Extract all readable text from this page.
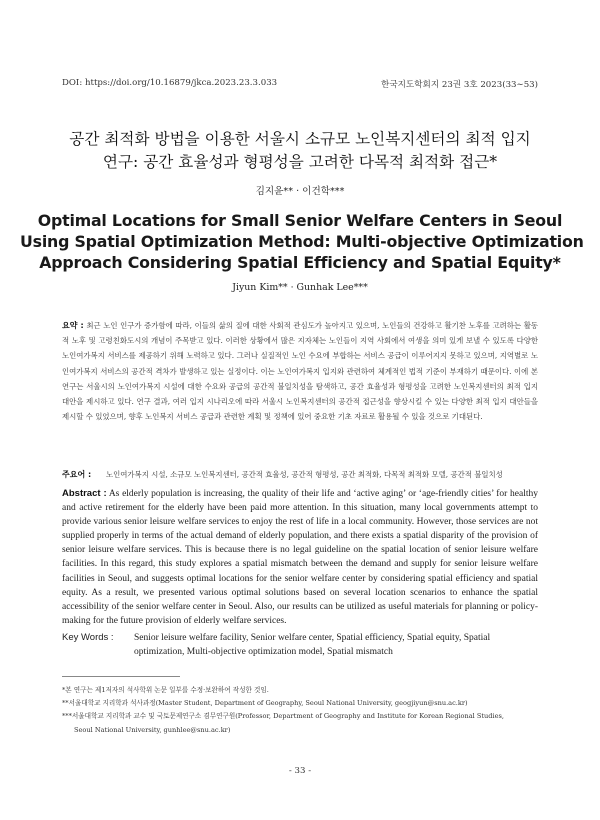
DOI: https://doi.org/10.16879/jkca.2023.23.3.033	한국지도학회지 23권 3호 2023(33∼53)
공간 최적화 방법을 이용한 서울시 소규모 노인복지센터의 최적 입지
연구: 공간 효율성과 형평성을 고려한 다목적 최적화 접근*
김지윤** · 이건학***
Optimal Locations for Small Senior Welfare Centers in Seoul
Using Spatial Optimization Method: Multi-objective Optimization
Approach Considering Spatial Efficiency and Spatial Equity*
Jiyun Kim** · Gunhak Lee***
요약 : 최근 노인 인구가 증가함에 따라, 이들의 삶의 질에 대한 사회적 관심도가 높아지고 있으며, 노인들의 건강하고 활기찬 노후를 고려하는 활동적 노후 및 고령친화도시의 개념이 주목받고 있다. 이러한 상황에서 많은 지자체는 노인들이 지역 사회에서 여생을 의미 있게 보낼 수 있도록 다양한 노인여가복지 서비스를 제공하기 위해 노력하고 있다. 그러나 실질적인 노인 수요에 부합하는 서비스 공급이 이루어지지 못하고 있으며, 지역별로 노인여가복지 서비스의 공간적 격차가 발생하고 있는 실정이다. 이는 노인여가복지 입지와 관련하여 체계적인 법적 기준이 부재하기 때문이다. 이에 본 연구는 서울시의 노인여가복지 시설에 대한 수요와 공급의 공간적 불일치성을 탐색하고, 공간 효율성과 형평성을 고려한 노인복지센터의 최적 입지 대안을 제시하고 있다. 연구 결과, 여러 입지 시나리오에 따라 서울시 노인복지센터의 공간적 접근성을 향상시킬 수 있는 다양한 최적 입지 대안들을 제시할 수 있었으며, 향후 노인복지 서비스 공급과 관련한 계획 및 정책에 있어 중요한 기초 자료로 활용될 수 있을 것으로 기대된다.
주요어 : 노인여가복지 시설, 소규모 노인복지센터, 공간적 효율성, 공간적 형평성, 공간 최적화, 다목적 최적화 모델, 공간적 불일치성
Abstract : As elderly population is increasing, the quality of their life and ‘active aging’ or ‘age-friendly cities’ for healthy and active retirement for the elderly have been paid more attention. In this situation, many local governments attempt to provide various senior leisure welfare services to enjoy the rest of life in a local community. However, those services are not supplied properly in terms of the actual demand of elderly population, and there exists a spatial disparity of the provision of senior leisure welfare services. This is because there is no legal guideline on the spatial location of senior leisure welfare facilities. In this regard, this study explores a spatial mismatch between the demand and supply for senior leisure welfare facilities in Seoul, and suggests optimal locations for the senior welfare center by considering spatial efficiency and spatial equity. As a result, we presented various optimal solutions based on several location scenarios to enhance the spatial accessibility of the senior welfare center in Seoul. Also, our results can be utilized as useful materials for planning or policy-making for the future provision of elderly welfare services.
Key Words : Senior leisure welfare facility, Senior welfare center, Spatial efficiency, Spatial equity, Spatial optimization, Multi-objective optimization model, Spatial mismatch
*본 연구는 제1저자의 석사학위 논문 일부를 수정·보완하여 작성한 것임.
**서울대학교 지리학과 석사과정(Master Student, Department of Geography, Seoul National University, geogjiyun@snu.ac.kr)
***서울대학교 지리학과 교수 및 국토문제연구소 겸무연구원(Professor, Department of Geography and Institute for Korean Regional Studies,
Seoul National University, gunhlee@snu.ac.kr)
- 33 -
